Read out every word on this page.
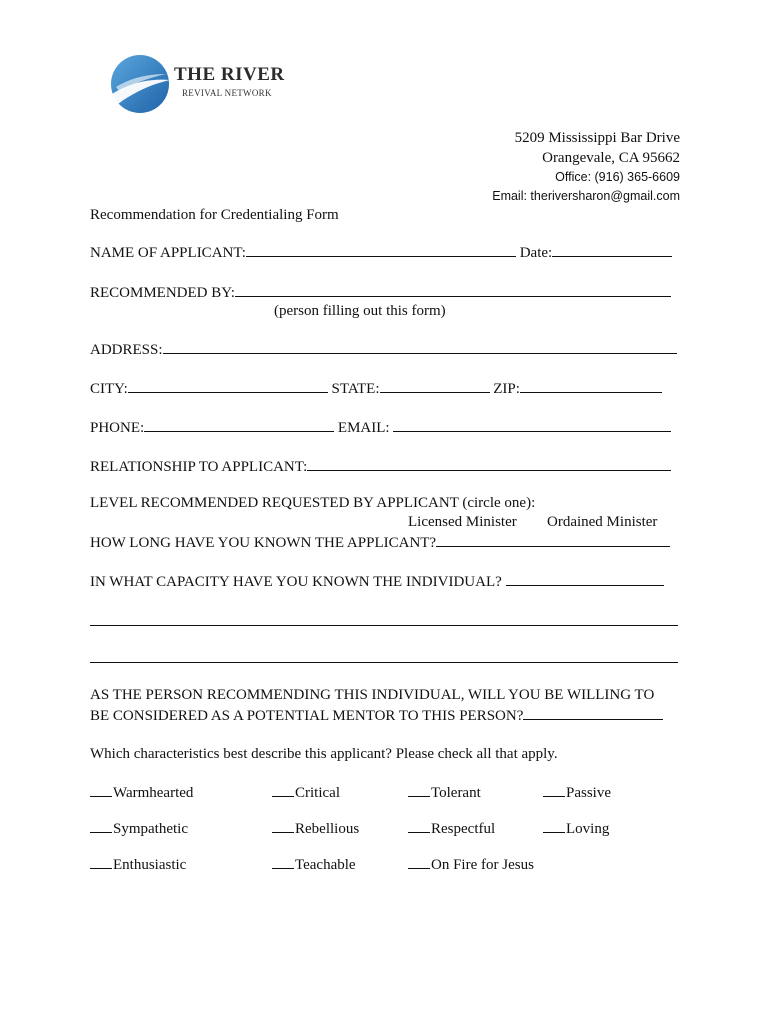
THE RIVER
REVIVAL NETWORK
5209 Mississippi Bar Drive
Orangevale, CA 95662
Office: (916) 365-6609
Email: theriversharon@gmail.com
Recommendation for Credentialing Form
NAME OF APPLICANT:	Date:
RECOMMENDED BY:
(person filling out this form)
ADDRESS:
CITY:	STATE:	ZIP:
PHONE:	EMAIL:
RELATIONSHIP TO APPLICANT:
LEVEL RECOMMENDED REQUESTED BY APPLICANT (circle one):
Licensed Minister Ordained Minister
HOW LONG HAVE YOU KNOWN THE APPLICANT?
IN WHAT CAPACITY HAVE YOU KNOWN THE INDIVIDUAL?
AS THE PERSON RECOMMENDING THIS INDIVIDUAL, WILL YOU BE WILLING TO
BE CONSIDERED AS A POTENTIAL MENTOR TO THIS PERSON?
Which characteristics best describe this applicant? Please check all that apply.
Warmhearted	Critical	Tolerant	Passive
Sympathetic	Rebellious	Respectful	Loving
Enthusiastic	Teachable	On Fire for Jesus
